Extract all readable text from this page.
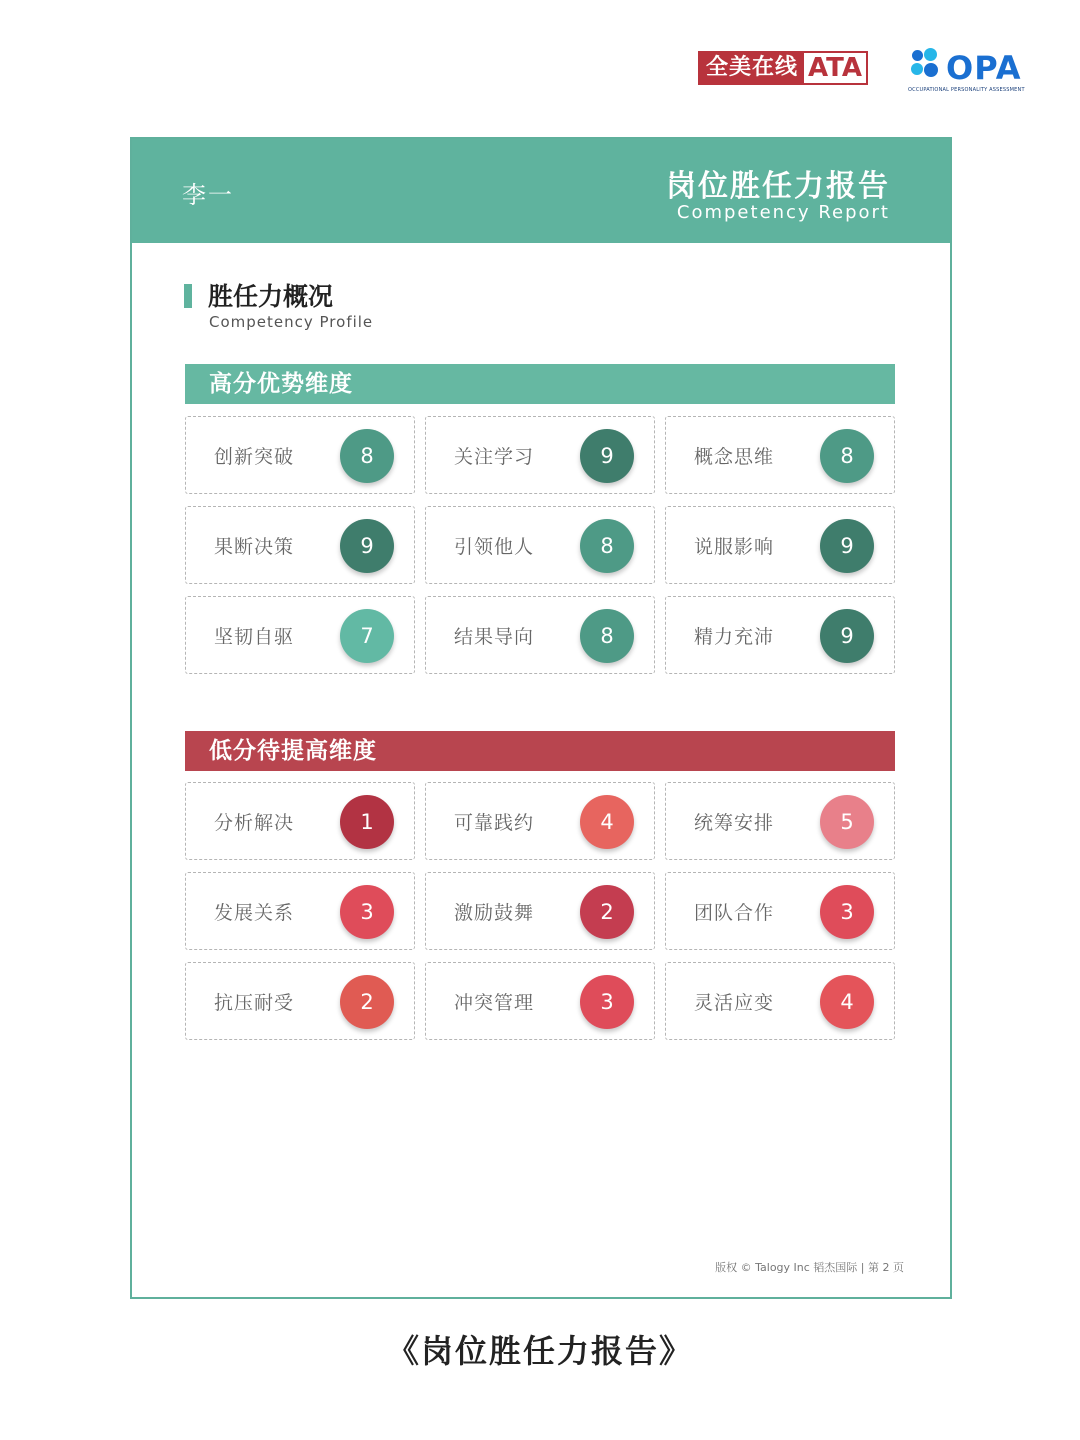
全美在线 ATA	OPA
OCCUPATIONAL PERSONALITY ASSESSMENT
李一	岗位胜任力报告
Competency Report
胜任力概况
Competency Profile
高分优势维度
创新突破	8	关注学习	9	概念思维	8
果断决策	9	引领他人	8	说服影响	9
坚韧自驱	7	结果导向	8	精力充沛	9
低分待提高维度
分析解决	1	可靠践约	4	统筹安排	5
发展关系	3	激励鼓舞	2	团队合作	3
抗压耐受	2	冲突管理	3	灵活应变	4
版权 © Talogy Inc 韬杰国际 | 第 2 页
《岗位胜任力报告》
